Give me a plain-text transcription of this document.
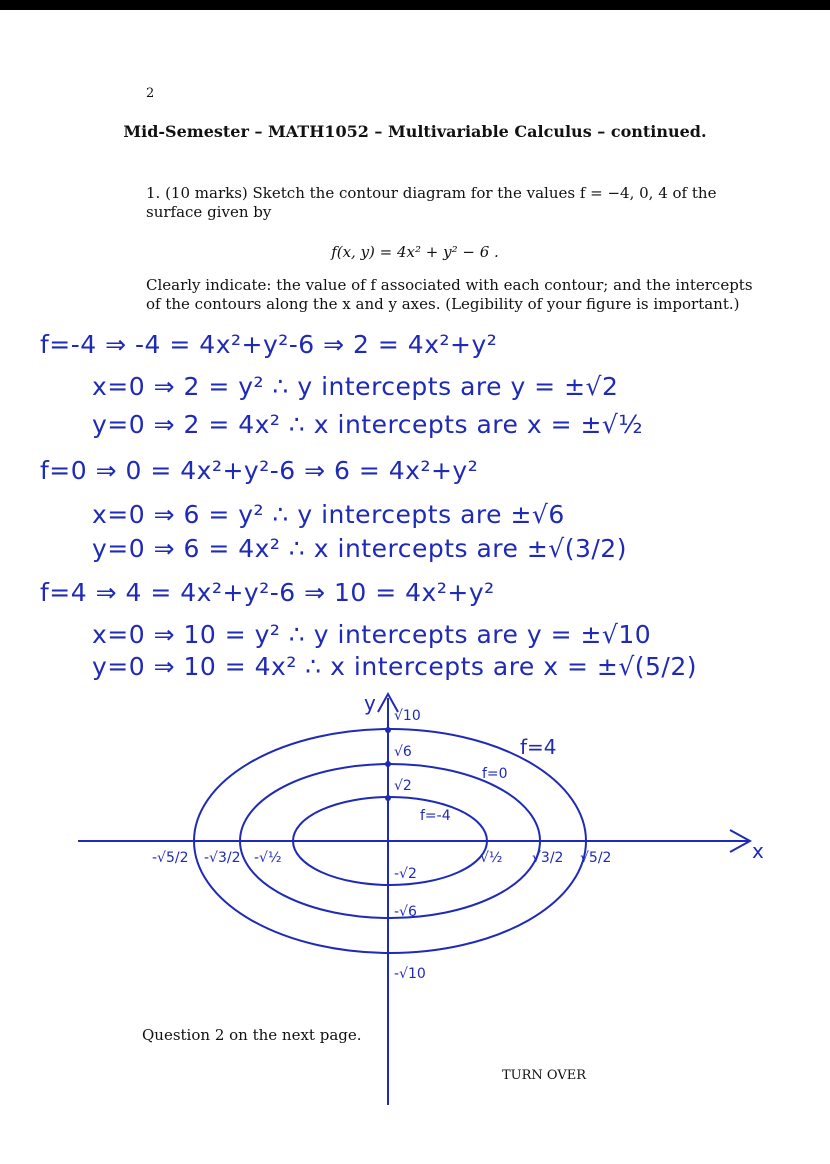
2
Mid-Semester – MATH1052 – Multivariable Calculus – continued.
1. (10 marks) Sketch the contour diagram for the values f = −4, 0, 4 of the surface given by
f(x, y) = 4x² + y² − 6 .
Clearly indicate: the value of f associated with each contour; and the intercepts of the contours along the x and y axes. (Legibility of your figure is important.)
f=-4 ⇒ -4 = 4x²+y²-6 ⇒ 2 = 4x²+y²
x=0 ⇒ 2 = y² ∴ y intercepts are y = ±√2
y=0 ⇒ 2 = 4x² ∴ x intercepts are x = ±√½
f=0 ⇒ 0 = 4x²+y²-6 ⇒ 6 = 4x²+y²
x=0 ⇒ 6 = y² ∴ y intercepts are ±√6
y=0 ⇒ 6 = 4x² ∴ x intercepts are ±√(3/2)
f=4 ⇒ 4 = 4x²+y²-6 ⇒ 10 = 4x²+y²
x=0 ⇒ 10 = y² ∴ y intercepts are y = ±√10
y=0 ⇒ 10 = 4x² ∴ x intercepts are x = ±√(5/2)
y
x
f=4
f=0
f=-4
√10
√6
√2
-√2
-√6
-√10
-√5/2 -√3/2 -√½	√½ √3/2 √5/2
Question 2 on the next page.
TURN OVER
